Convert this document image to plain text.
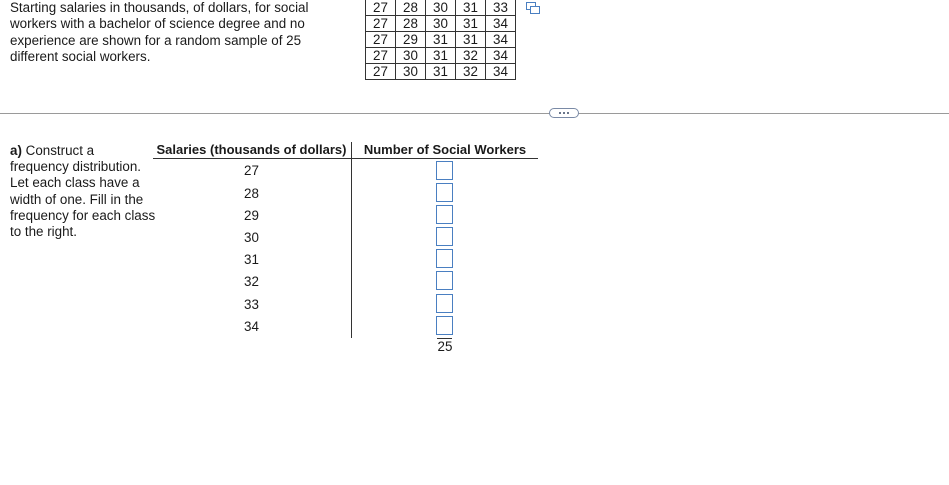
Starting salaries in thousands, of dollars, for social workers with a bachelor of science degree and no experience are shown for a random sample of 25 different social workers.
27	28	30	31	33
27	28	30	31	34
27	29	31	31	34
27	30	31	32	34
27	30	31	32	34
a) Construct a frequency distribution. Let each class have a width of one. Fill in the frequency for each class to the right.
Salaries (thousands of dollars)	Number of Social Workers
27
28
29
30
31
32
33
34
25
